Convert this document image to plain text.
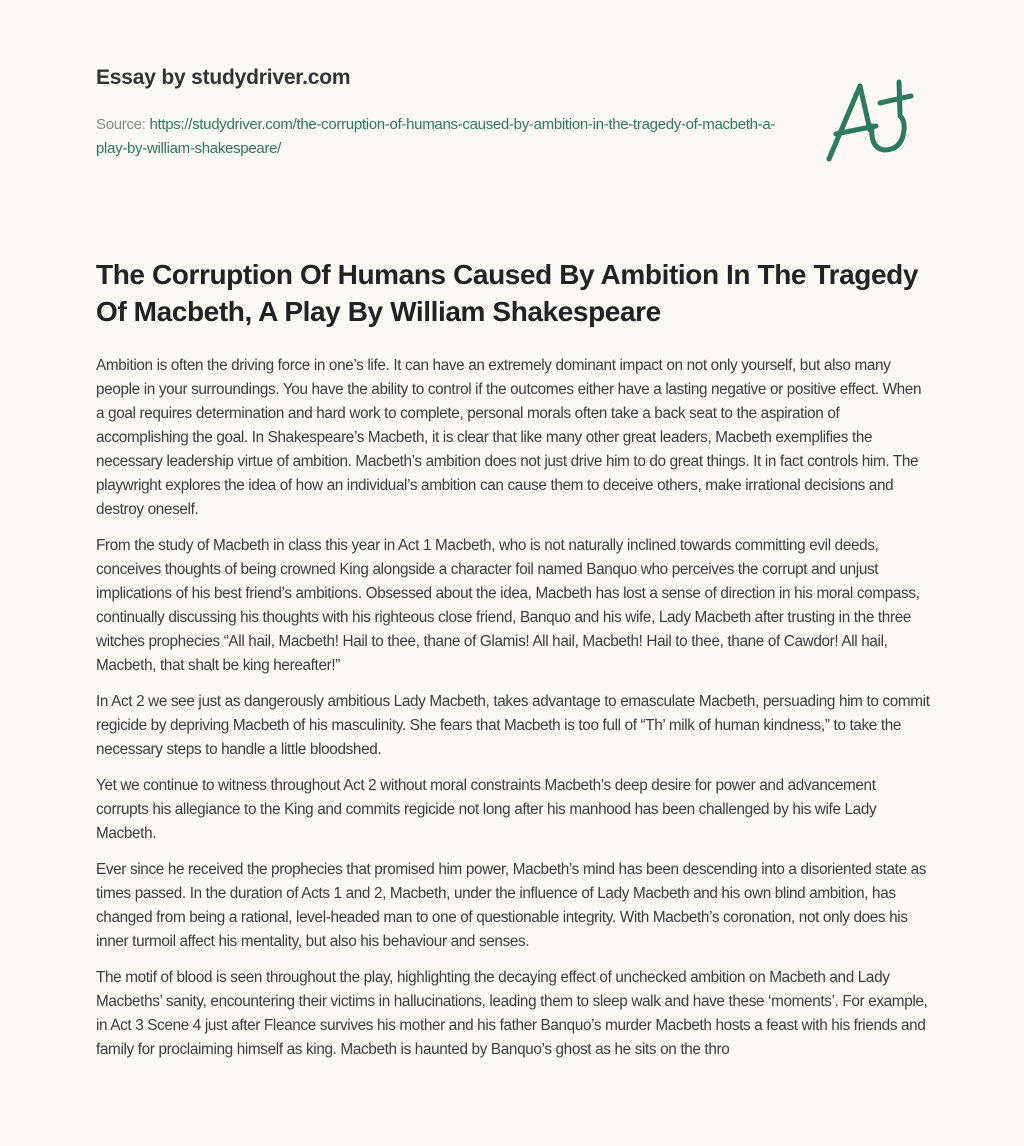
Essay by studydriver.com
Source: https://studydriver.com/the-corruption-of-humans-caused-by-ambition-in-the-tragedy-of-macbeth-a-play-by-william-shakespeare/
The Corruption Of Humans Caused By Ambition In The Tragedy Of Macbeth, A Play By William Shakespeare

Ambition is often the driving force in one’s life. It can have an extremely dominant impact on not only yourself, but also many people in your surroundings. You have the ability to control if the outcomes either have a lasting negative or positive effect. When a goal requires determination and hard work to complete, personal morals often take a back seat to the aspiration of accomplishing the goal. In Shakespeare’s Macbeth, it is clear that like many other great leaders, Macbeth exemplifies the necessary leadership virtue of ambition. Macbeth’s ambition does not just drive him to do great things. It in fact controls him. The playwright explores the idea of how an individual’s ambition can cause them to deceive others, make irrational decisions and destroy oneself.

From the study of Macbeth in class this year in Act 1 Macbeth, who is not naturally inclined towards committing evil deeds, conceives thoughts of being crowned King alongside a character foil named Banquo who perceives the corrupt and unjust implications of his best friend’s ambitions. Obsessed about the idea, Macbeth has lost a sense of direction in his moral compass, continually discussing his thoughts with his righteous close friend, Banquo and his wife, Lady Macbeth after trusting in the three witches prophecies “All hail, Macbeth! Hail to thee, thane of Glamis! All hail, Macbeth! Hail to thee, thane of Cawdor! All hail, Macbeth, that shalt be king hereafter!”

In Act 2 we see just as dangerously ambitious Lady Macbeth, takes advantage to emasculate Macbeth, persuading him to commit regicide by depriving Macbeth of his masculinity. She fears that Macbeth is too full of “Th’ milk of human kindness,” to take the necessary steps to handle a little bloodshed.

Yet we continue to witness throughout Act 2 without moral constraints Macbeth’s deep desire for power and advancement corrupts his allegiance to the King and commits regicide not long after his manhood has been challenged by his wife Lady Macbeth.

Ever since he received the prophecies that promised him power, Macbeth’s mind has been descending into a disoriented state as times passed. In the duration of Acts 1 and 2, Macbeth, under the influence of Lady Macbeth and his own blind ambition, has changed from being a rational, level-headed man to one of questionable integrity. With Macbeth’s coronation, not only does his inner turmoil affect his mentality, but also his behaviour and senses.

The motif of blood is seen throughout the play, highlighting the decaying effect of unchecked ambition on Macbeth and Lady Macbeths’ sanity, encountering their victims in hallucinations, leading them to sleep walk and have these ‘moments’. For example, in Act 3 Scene 4 just after Fleance survives his mother and his father Banquo’s murder Macbeth hosts a feast with his friends and family for proclaiming himself as king. Macbeth is haunted by Banquo’s ghost as he sits on the thro
